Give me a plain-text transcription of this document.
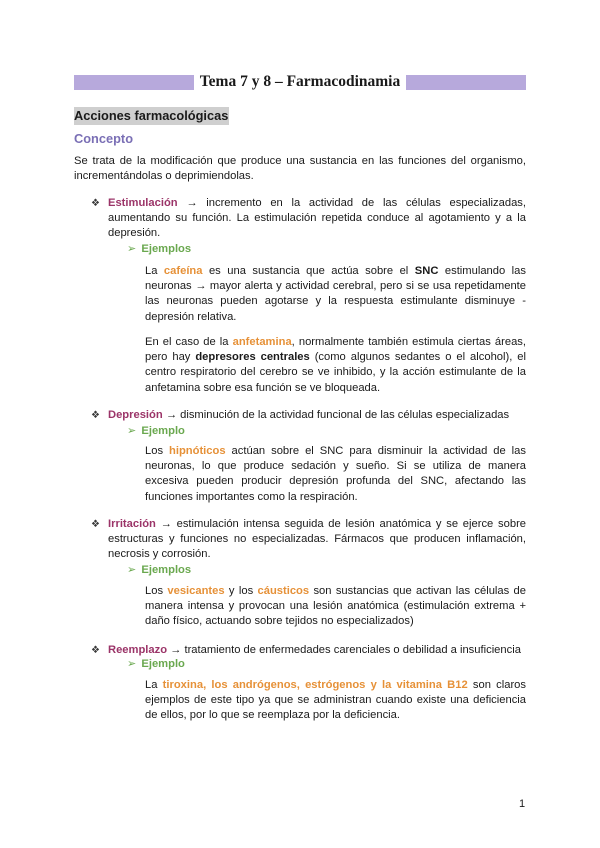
Tema 7 y 8 – Farmacodinamia
Acciones farmacológicas
Concepto
Se trata de la modificación que produce una sustancia en las funciones del organismo, incrementándolas o deprimiendolas.
❖ Estimulación → incremento en la actividad de las células especializadas, aumentando su función. La estimulación repetida conduce al agotamiento y a la depresión.
➢ Ejemplos
La cafeína es una sustancia que actúa sobre el SNC estimulando las neuronas → mayor alerta y actividad cerebral, pero si se usa repetidamente las neuronas pueden agotarse y la respuesta estimulante disminuye - depresión relativa.
En el caso de la anfetamina, normalmente también estimula ciertas áreas, pero hay depresores centrales (como algunos sedantes o el alcohol), el centro respiratorio del cerebro se ve inhibido, y la acción estimulante de la anfetamina sobre esa función se ve bloqueada.
❖ Depresión → disminución de la actividad funcional de las células especializadas
➢ Ejemplo
Los hipnóticos actúan sobre el SNC para disminuir la actividad de las neuronas, lo que produce sedación y sueño. Si se utiliza de manera excesiva pueden producir depresión profunda del SNC, afectando las funciones importantes como la respiración.
❖ Irritación → estimulación intensa seguida de lesión anatómica y se ejerce sobre estructuras y funciones no especializadas. Fármacos que producen inflamación, necrosis y corrosión.
➢ Ejemplos
Los vesicantes y los cáusticos son sustancias que activan las células de manera intensa y provocan una lesión anatómica (estimulación extrema + daño físico, actuando sobre tejidos no especializados)
❖ Reemplazo → tratamiento de enfermedades carenciales o debilidad a insuficiencia
➢ Ejemplo
La tiroxina, los andrógenos, estrógenos y la vitamina B12 son claros ejemplos de este tipo ya que se administran cuando existe una deficiencia de ellos, por lo que se reemplaza por la deficiencia.
1
